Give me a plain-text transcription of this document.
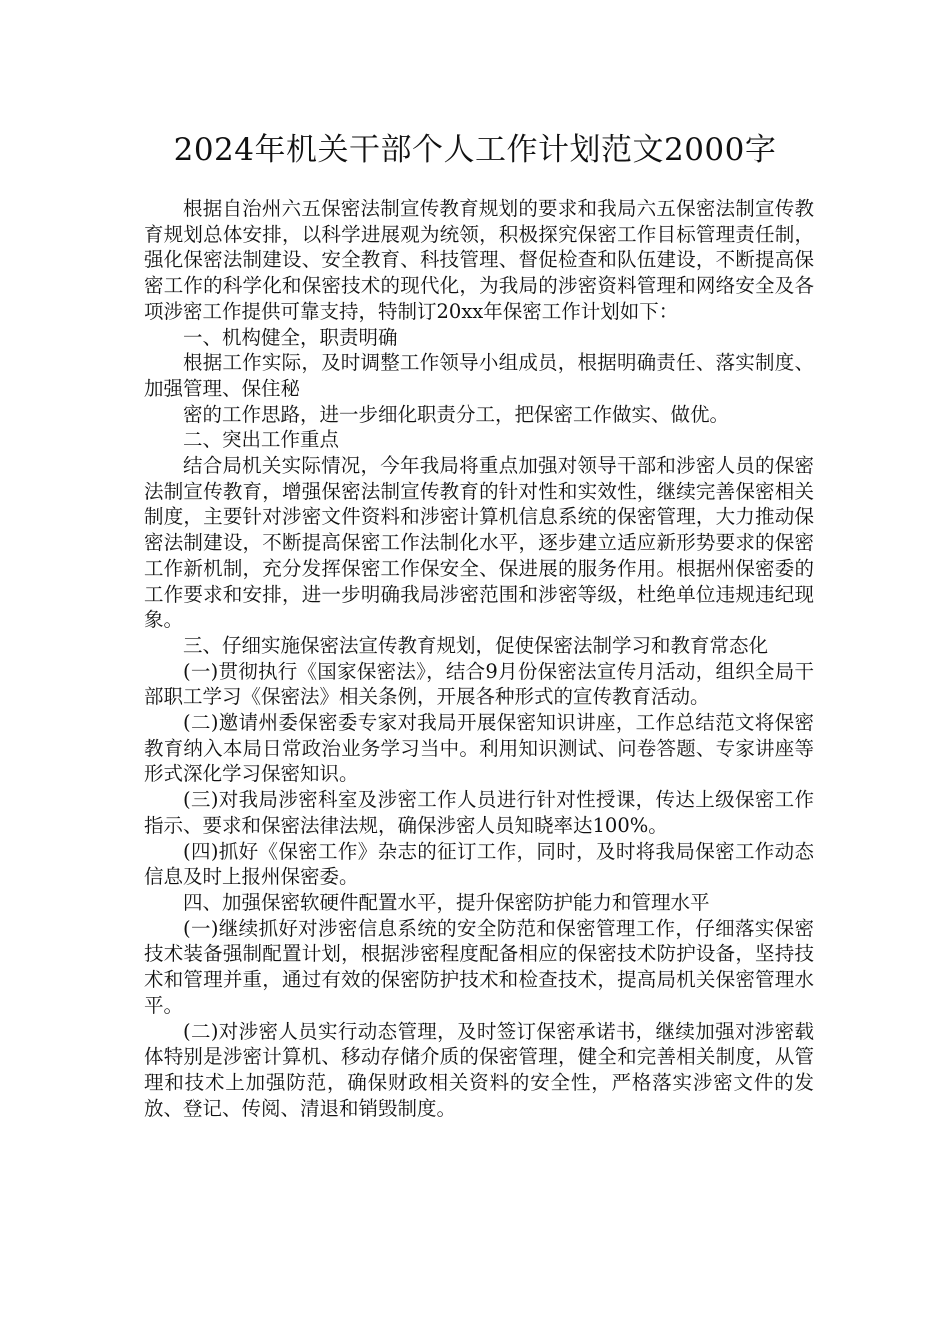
2024年机关干部个人工作计划范文2000字

根据自治州六五保密法制宣传教育规划的要求和我局六五保密法制宣传教育规划总体安排，以科学进展观为统领，积极探究保密工作目标管理责任制，强化保密法制建设、安全教育、科技管理、督促检查和队伍建设，不断提高保密工作的科学化和保密技术的现代化，为我局的涉密资料管理和网络安全及各项涉密工作提供可靠支持，特制订20xx年保密工作计划如下：

一、机构健全，职责明确

根据工作实际，及时调整工作领导小组成员，根据明确责任、落实制度、加强管理、保住秘

密的工作思路，进一步细化职责分工，把保密工作做实、做优。

二、突出工作重点

结合局机关实际情况，今年我局将重点加强对领导干部和涉密人员的保密法制宣传教育，增强保密法制宣传教育的针对性和实效性，继续完善保密相关制度，主要针对涉密文件资料和涉密计算机信息系统的保密管理，大力推动保密法制建设，不断提高保密工作法制化水平，逐步建立适应新形势要求的保密工作新机制，充分发挥保密工作保安全、保进展的服务作用。根据州保密委的工作要求和安排，进一步明确我局涉密范围和涉密等级，杜绝单位违规违纪现象。

三、仔细实施保密法宣传教育规划，促使保密法制学习和教育常态化

(一)贯彻执行《国家保密法》，结合9月份保密法宣传月活动，组织全局干部职工学习《保密法》相关条例，开展各种形式的宣传教育活动。

(二)邀请州委保密委专家对我局开展保密知识讲座，工作总结范文将保密教育纳入本局日常政治业务学习当中。利用知识测试、问卷答题、专家讲座等形式深化学习保密知识。

(三)对我局涉密科室及涉密工作人员进行针对性授课，传达上级保密工作指示、要求和保密法律法规，确保涉密人员知晓率达100%。

(四)抓好《保密工作》杂志的征订工作，同时，及时将我局保密工作动态信息及时上报州保密委。

四、加强保密软硬件配置水平，提升保密防护能力和管理水平

(一)继续抓好对涉密信息系统的安全防范和保密管理工作，仔细落实保密技术装备强制配置计划，根据涉密程度配备相应的保密技术防护设备，坚持技术和管理并重，通过有效的保密防护技术和检查技术，提高局机关保密管理水平。

(二)对涉密人员实行动态管理，及时签订保密承诺书，继续加强对涉密载体特别是涉密计算机、移动存储介质的保密管理，健全和完善相关制度，从管理和技术上加强防范，确保财政相关资料的安全性，严格落实涉密文件的发放、登记、传阅、清退和销毁制度。
